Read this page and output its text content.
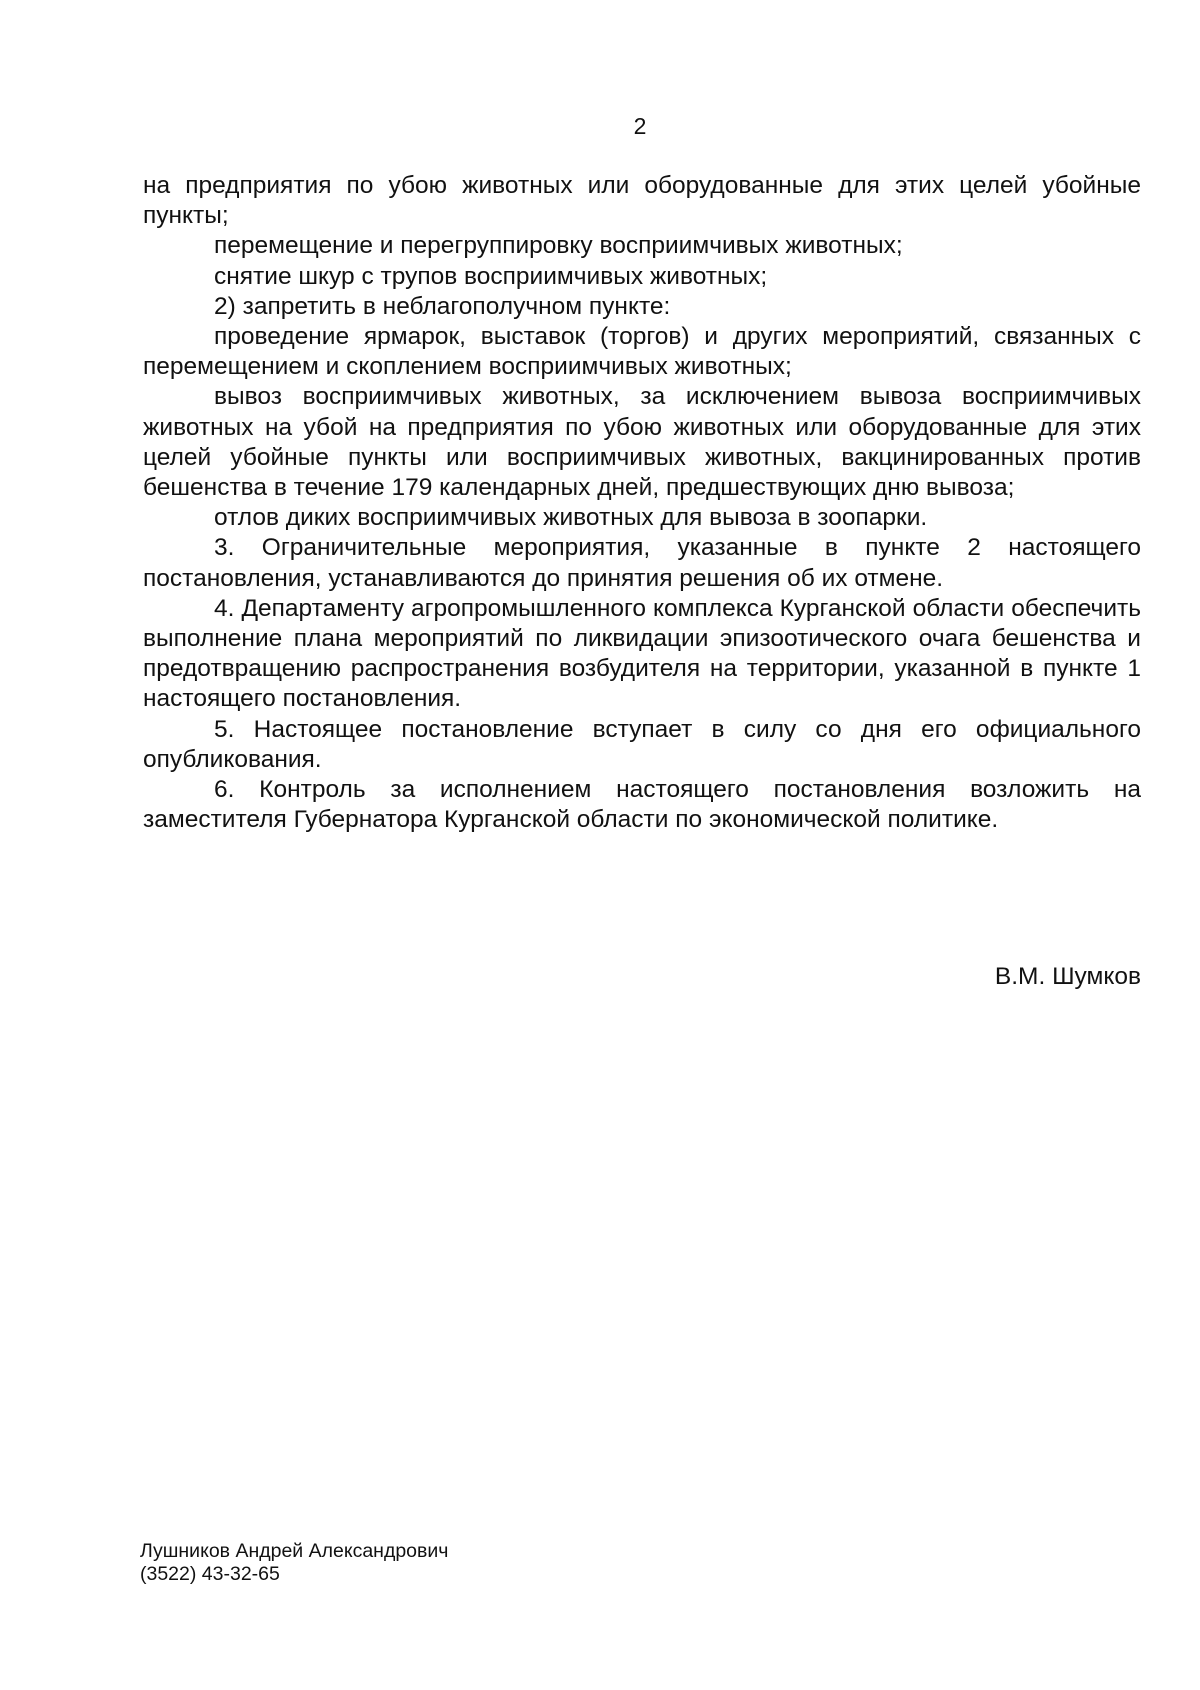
2

на предприятия по убою животных или оборудованные для этих целей убойные пункты;

перемещение и перегруппировку восприимчивых животных;

снятие шкур с трупов восприимчивых животных;

2) запретить в неблагополучном пункте:

проведение ярмарок, выставок (торгов) и других мероприятий, связанных с перемещением и скоплением восприимчивых животных;

вывоз восприимчивых животных, за исключением вывоза восприимчивых животных на убой на предприятия по убою животных или оборудованные для этих целей убойные пункты или восприимчивых животных, вакцинированных против бешенства в течение 179 календарных дней, предшествующих дню вывоза;

отлов диких восприимчивых животных для вывоза в зоопарки.

3. Ограничительные мероприятия, указанные в пункте 2 настоящего постановления, устанавливаются до принятия решения об их отмене.

4. Департаменту агропромышленного комплекса Курганской области обеспечить выполнение плана мероприятий по ликвидации эпизоотического очага бешенства и предотвращению распространения возбудителя на территории, указанной в пункте 1 настоящего постановления.

5. Настоящее постановление вступает в силу со дня его официального опубликования.

6. Контроль за исполнением настоящего постановления возложить на заместителя Губернатора Курганской области по экономической политике.

В.М. Шумков
Лушников Андрей Александрович
(3522) 43-32-65
